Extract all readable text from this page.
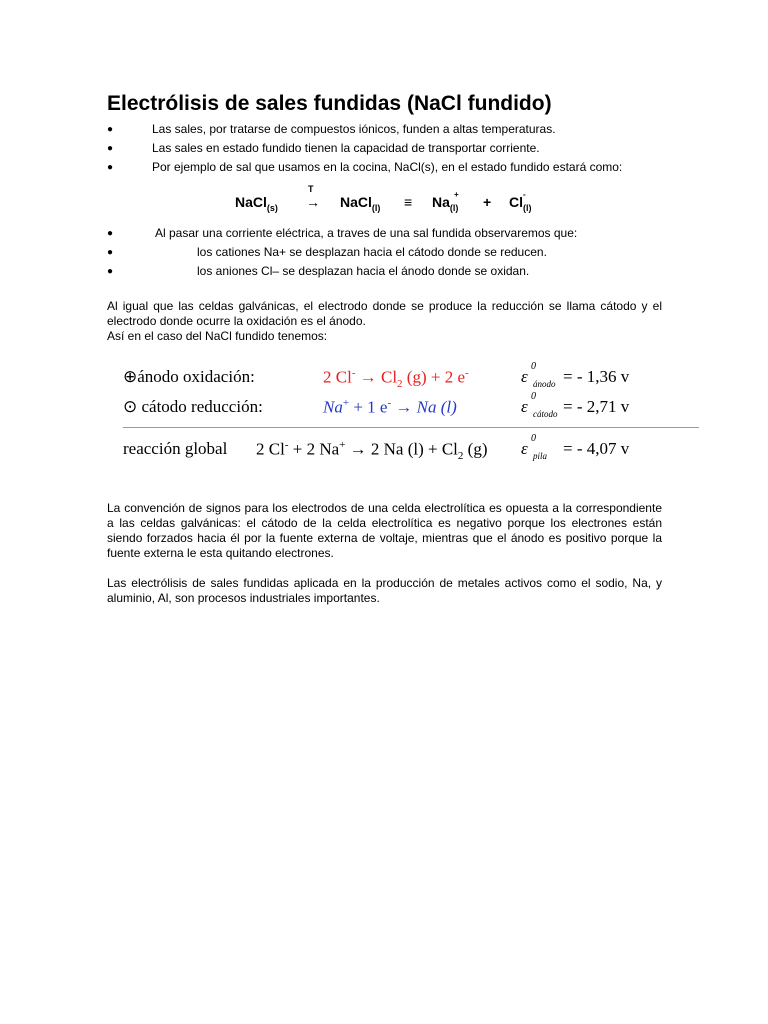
Electrólisis de sales fundidas (NaCl fundido)
●	Las sales, por tratarse de compuestos iónicos, funden a altas temperaturas.
●	Las sales en estado fundido tienen la capacidad de transportar corriente.
●	Por ejemplo de sal que usamos en la cocina, NaCl(s), en el estado fundido estará como:
NaCl$_{(s)}$
T
→ NaCl$_{(l)}$ ≡ $Na_{(l)}$
+ + $Cl_{(l)}$
-
●	Al pasar una corriente eléctrica, a traves de una sal fundida observaremos que:
●	los cationes Na+ se desplazan hacia el cátodo donde se reducen.
●	los aniones Cl– se desplazan hacia el ánodo donde se oxidan.

Al igual que las celdas galvánicas, el electrodo donde se produce la reducción se llama cátodo y el electrodo donde ocurre la oxidación es el ánodo.

Así en el caso del NaCl fundido tenemos:

⊕ánodo oxidación:	2 $Cl^- \to Cl_2$ (g) + 2 e-	ε
0
ánodo = - 1,36 v
⊙ cátodo reducción:	Na+ + 1 e- → Na (l)	ε
0
cátodo = - 2,71 v
reacción global 2 Cl- + 2 Na+ → 2 Na $(l) + Cl_2$ (g) ε
0
pila = - 4,07 v

La convención de signos para los electrodos de una celda electrolítica es opuesta a la correspondiente a las celdas galvánicas: el cátodo de la celda electrolítica es negativo porque los electrones están siendo forzados hacia él por la fuente externa de voltaje, mientras que el ánodo es positivo porque la fuente externa le esta quitando electrones.

Las electrólisis de sales fundidas aplicada en la producción de metales activos como el sodio, Na, y aluminio, Al, son procesos industriales importantes.
